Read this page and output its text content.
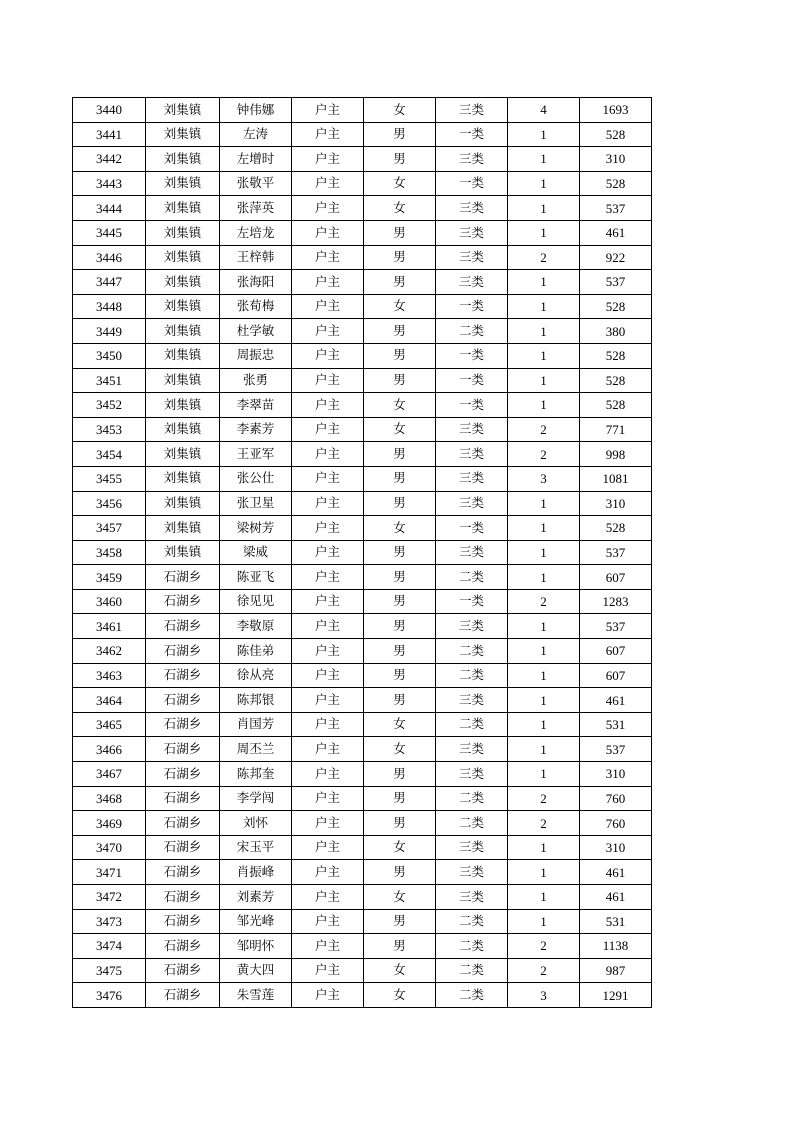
3440	刘集镇	钟伟娜	户主	女	三类	4	1693
3441	刘集镇	左涛	户主	男	一类	1	528
3442	刘集镇	左增时	户主	男	三类	1	310
3443	刘集镇	张敬平	户主	女	一类	1	528
3444	刘集镇	张萍英	户主	女	三类	1	537
3445	刘集镇	左培龙	户主	男	三类	1	461
3446	刘集镇	王梓韩	户主	男	三类	2	922
3447	刘集镇	张海阳	户主	男	三类	1	537
3448	刘集镇	张荀梅	户主	女	一类	1	528
3449	刘集镇	杜学敏	户主	男	二类	1	380
3450	刘集镇	周振忠	户主	男	一类	1	528
3451	刘集镇	张勇	户主	男	一类	1	528
3452	刘集镇	李翠苗	户主	女	一类	1	528
3453	刘集镇	李素芳	户主	女	三类	2	771
3454	刘集镇	王亚军	户主	男	三类	2	998
3455	刘集镇	张公仕	户主	男	三类	3	1081
3456	刘集镇	张卫星	户主	男	三类	1	310
3457	刘集镇	梁树芳	户主	女	一类	1	528
3458	刘集镇	梁威	户主	男	三类	1	537
3459	石湖乡	陈亚飞	户主	男	二类	1	607
3460	石湖乡	徐见见	户主	男	一类	2	1283
3461	石湖乡	李敬原	户主	男	三类	1	537
3462	石湖乡	陈佳弟	户主	男	二类	1	607
3463	石湖乡	徐从亮	户主	男	二类	1	607
3464	石湖乡	陈邦银	户主	男	三类	1	461
3465	石湖乡	肖国芳	户主	女	二类	1	531
3466	石湖乡	周丕兰	户主	女	三类	1	537
3467	石湖乡	陈邦奎	户主	男	三类	1	310
3468	石湖乡	李学闯	户主	男	二类	2	760
3469	石湖乡	刘怀	户主	男	二类	2	760
3470	石湖乡	宋玉平	户主	女	三类	1	310
3471	石湖乡	肖振峰	户主	男	三类	1	461
3472	石湖乡	刘素芳	户主	女	三类	1	461
3473	石湖乡	邹光峰	户主	男	二类	1	531
3474	石湖乡	邹明怀	户主	男	二类	2	1138
3475	石湖乡	黄大四	户主	女	二类	2	987
3476	石湖乡	朱雪莲	户主	女	二类	3	1291
